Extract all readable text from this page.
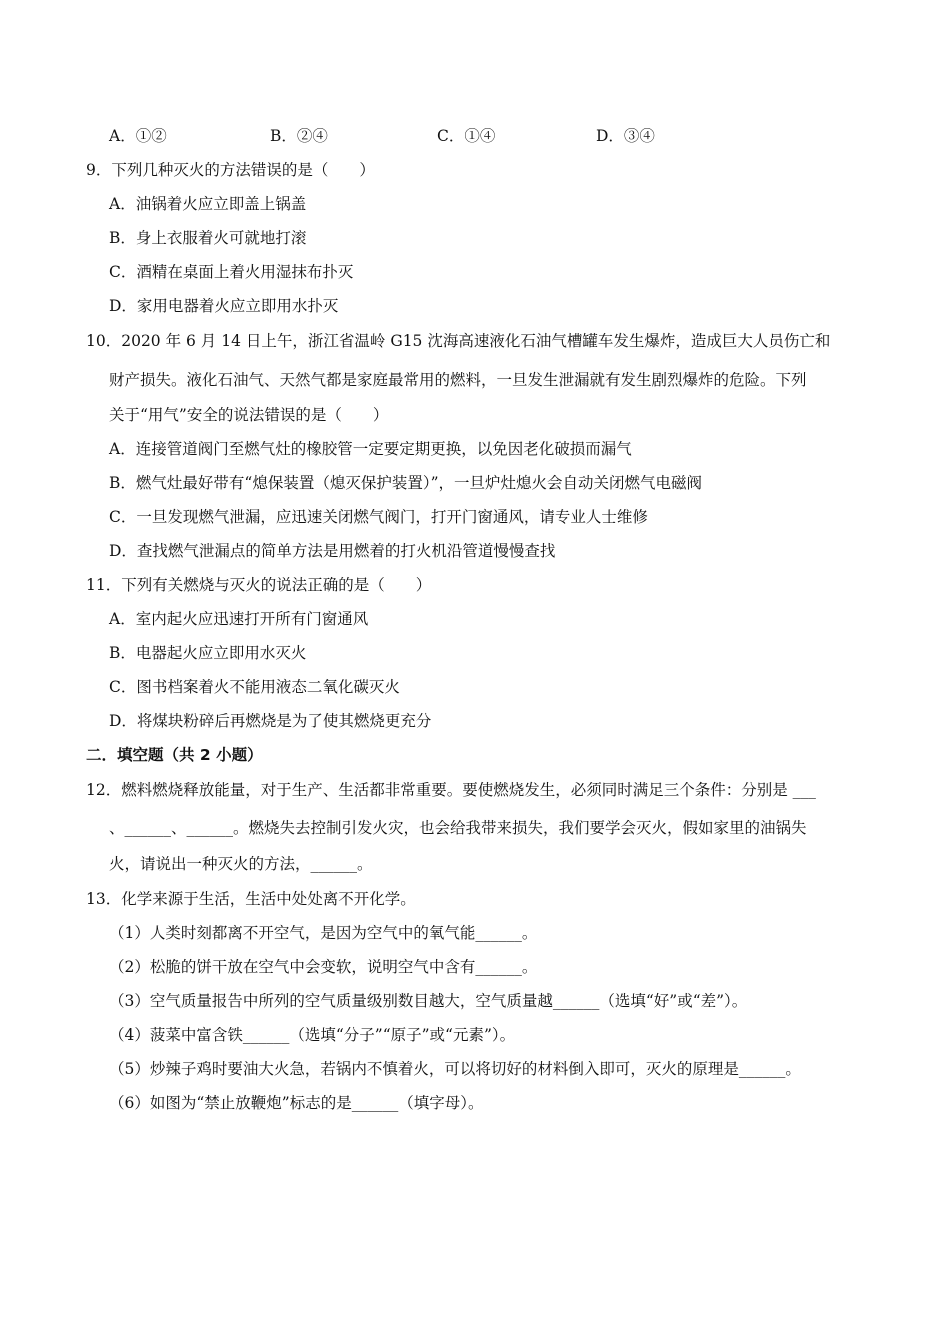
A．①②	B．②④	C．①④	D．③④
9．下列几种灭火的方法错误的是（　　）
A．油锅着火应立即盖上锅盖
B．身上衣服着火可就地打滚
C．酒精在桌面上着火用湿抹布扑灭
D．家用电器着火应立即用水扑灭
10．2020 年 6 月 14 日上午，浙江省温岭 G15 沈海高速液化石油气槽罐车发生爆炸，造成巨大人员伤亡和
财产损失。液化石油气、天然气都是家庭最常用的燃料，一旦发生泄漏就有发生剧烈爆炸的危险。下列
关于“用气”安全的说法错误的是（　　）
A．连接管道阀门至燃气灶的橡胶管一定要定期更换，以免因老化破损而漏气
B．燃气灶最好带有“熄保装置（熄灭保护装置）”，一旦炉灶熄火会自动关闭燃气电磁阀
C．一旦发现燃气泄漏，应迅速关闭燃气阀门，打开门窗通风，请专业人士维修
D．查找燃气泄漏点的简单方法是用燃着的打火机沿管道慢慢查找
11．下列有关燃烧与灭火的说法正确的是（　　）
A．室内起火应迅速打开所有门窗通风
B．电器起火应立即用水灭火
C．图书档案着火不能用液态二氧化碳灭火
D．将煤块粉碎后再燃烧是为了使其燃烧更充分
二．填空题（共 2 小题）
12．燃料燃烧释放能量，对于生产、生活都非常重要。要使燃烧发生，必须同时满足三个条件：分别是 ___
、______、______。燃烧失去控制引发火灾，也会给我带来损失，我们要学会灭火，假如家里的油锅失
火，请说出一种灭火的方法，______。
13．化学来源于生活，生活中处处离不开化学。
（1）人类时刻都离不开空气，是因为空气中的氧气能______。
（2）松脆的饼干放在空气中会变软，说明空气中含有______。
（3）空气质量报告中所列的空气质量级别数目越大，空气质量越______（选填“好”或“差”）。
（4）菠菜中富含铁______（选填“分子”“原子”或“元素”）。
（5）炒辣子鸡时要油大火急，若锅内不慎着火，可以将切好的材料倒入即可，灭火的原理是______。
（6）如图为“禁止放鞭炮”标志的是______（填字母）。
